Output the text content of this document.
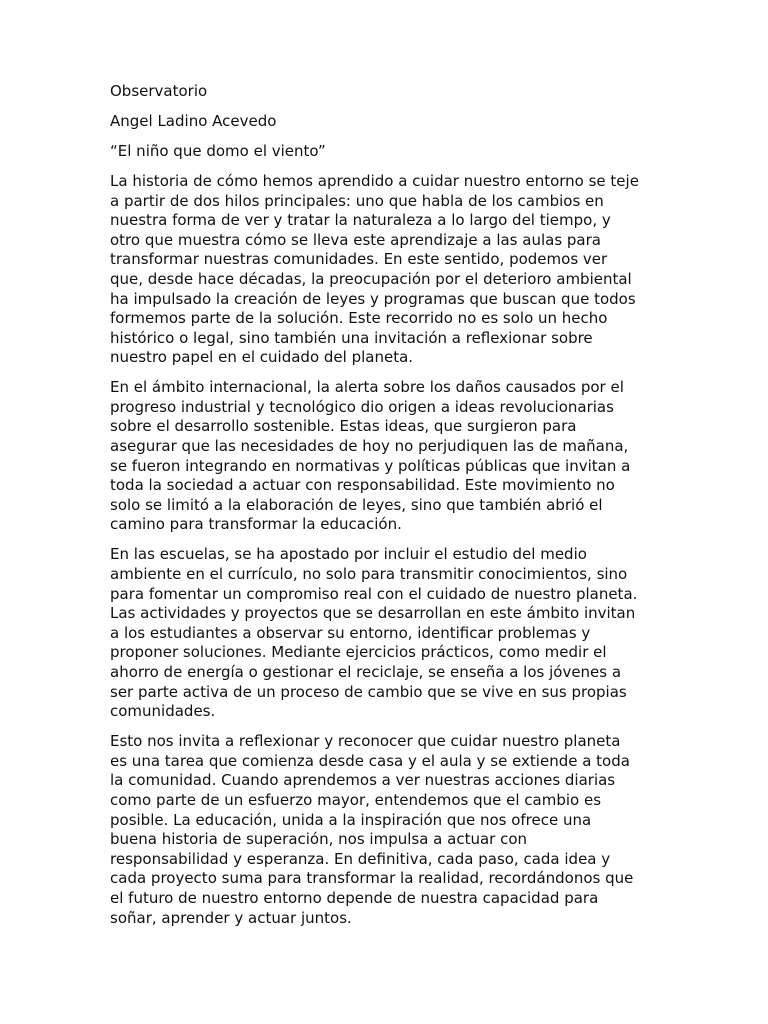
Observatorio

Angel Ladino Acevedo

“El niño que domo el viento”

La historia de cómo hemos aprendido a cuidar nuestro entorno se teje
a partir de dos hilos principales: uno que habla de los cambios en
nuestra forma de ver y tratar la naturaleza a lo largo del tiempo, y
otro que muestra cómo se lleva este aprendizaje a las aulas para
transformar nuestras comunidades. En este sentido, podemos ver
que, desde hace décadas, la preocupación por el deterioro ambiental
ha impulsado la creación de leyes y programas que buscan que todos
formemos parte de la solución. Este recorrido no es solo un hecho
histórico o legal, sino también una invitación a reflexionar sobre
nuestro papel en el cuidado del planeta.
En el ámbito internacional, la alerta sobre los daños causados por el
progreso industrial y tecnológico dio origen a ideas revolucionarias
sobre el desarrollo sostenible. Estas ideas, que surgieron para
asegurar que las necesidades de hoy no perjudiquen las de mañana,
se fueron integrando en normativas y políticas públicas que invitan a
toda la sociedad a actuar con responsabilidad. Este movimiento no
solo se limitó a la elaboración de leyes, sino que también abrió el
camino para transformar la educación.
En las escuelas, se ha apostado por incluir el estudio del medio
ambiente en el currículo, no solo para transmitir conocimientos, sino
para fomentar un compromiso real con el cuidado de nuestro planeta.
Las actividades y proyectos que se desarrollan en este ámbito invitan
a los estudiantes a observar su entorno, identificar problemas y
proponer soluciones. Mediante ejercicios prácticos, como medir el
ahorro de energía o gestionar el reciclaje, se enseña a los jóvenes a
ser parte activa de un proceso de cambio que se vive en sus propias
comunidades.
Esto nos invita a reflexionar y reconocer que cuidar nuestro planeta
es una tarea que comienza desde casa y el aula y se extiende a toda
la comunidad. Cuando aprendemos a ver nuestras acciones diarias
como parte de un esfuerzo mayor, entendemos que el cambio es
posible. La educación, unida a la inspiración que nos ofrece una
buena historia de superación, nos impulsa a actuar con
responsabilidad y esperanza. En definitiva, cada paso, cada idea y
cada proyecto suma para transformar la realidad, recordándonos que
el futuro de nuestro entorno depende de nuestra capacidad para
soñar, aprender y actuar juntos.
